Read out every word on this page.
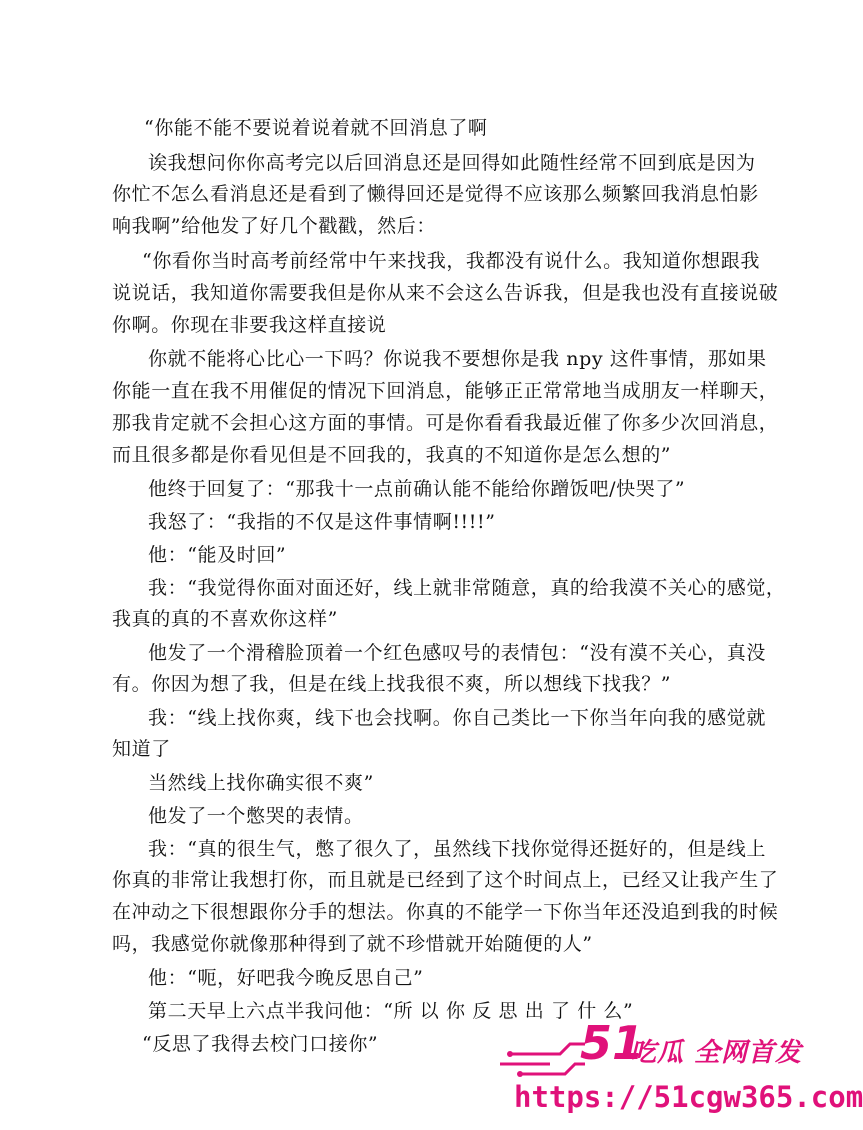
“你能不能不要说着说着就不回消息了啊
诶我想问你你高考完以后回消息还是回得如此随性经常不回到底是因为
你忙不怎么看消息还是看到了懒得回还是觉得不应该那么频繁回我消息怕影
响我啊”给他发了好几个戳戳，然后：
“你看你当时高考前经常中午来找我，我都没有说什么。我知道你想跟我
说说话，我知道你需要我但是你从来不会这么告诉我，但是我也没有直接说破
你啊。你现在非要我这样直接说
你就不能将心比心一下吗？你说我不要想你是我 npy 这件事情，那如果
你能一直在我不用催促的情况下回消息，能够正正常常地当成朋友一样聊天，
那我肯定就不会担心这方面的事情。可是你看看我最近催了你多少次回消息，
而且很多都是你看见但是不回我的，我真的不知道你是怎么想的”
他终于回复了：“那我十一点前确认能不能给你蹭饭吧/快哭了”
我怒了：“我指的不仅是这件事情啊!!!!”
他：“能及时回”
我：“我觉得你面对面还好，线上就非常随意，真的给我漠不关心的感觉，
我真的真的不喜欢你这样”
他发了一个滑稽脸顶着一个红色感叹号的表情包：“没有漠不关心，真没
有。你因为想了我，但是在线上找我很不爽，所以想线下找我？”
我：“线上找你爽，线下也会找啊。你自己类比一下你当年向我的感觉就
知道了
当然线上找你确实很不爽”
他发了一个憋哭的表情。
我：“真的很生气，憋了很久了，虽然线下找你觉得还挺好的，但是线上
你真的非常让我想打你，而且就是已经到了这个时间点上，已经又让我产生了
在冲动之下很想跟你分手的想法。你真的不能学一下你当年还没追到我的时候
吗，我感觉你就像那种得到了就不珍惜就开始随便的人”
他：“呃，好吧我今晚反思自己”
第二天早上六点半我问他：“所 以 你 反 思 出 了 什 么”
“反思了我得去校门口接你”	51
吃瓜 全网首发
https://51cgw365.com
